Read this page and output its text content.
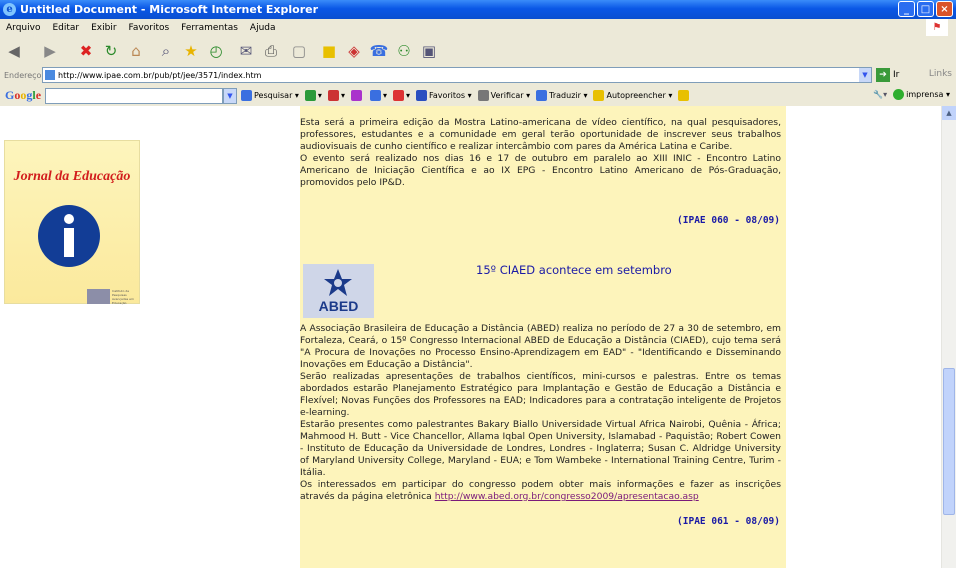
e Untitled Document - Microsoft Internet Explorer	_	□	×
Arquivo	Editar	Exibir	Favoritos	Ferramentas	Ajuda	⚑
◀	▶	✖ ↻ ⌂	⌕ ★ ◴	✉ ⎙ ▢ ■ ◈ ☎ ⚇ ▣
Endereço http://www.ipae.com.br/pub/pt/jee/3571/index.htm	▼	➔ Ir	Links
Google	▼	Pesquisar ▾	▾	▾	▾	▾ Favoritos ▾ Verificar ▾ Traduzir ▾ Autopreencher ▾	🔧▾	imprensa ▾
Jornal da Educação
Instituto de Pesquisas Avançadas em Educação

Esta será a primeira edição da Mostra Latino-americana de vídeo científico, na qual pesquisadores, professores, estudantes e a comunidade em geral terão oportunidade de inscrever seus trabalhos audiovisuais de cunho científico e realizar intercâmbio com pares da América Latina e Caribe.

O evento será realizado nos dias 16 e 17 de outubro em paralelo ao XIII INIC - Encontro Latino Americano de Iniciação Científica e ao IX EPG - Encontro Latino Americano de Pós-Graduação, promovidos pelo IP&D.

(IPAE 060 - 08/09)
ABED
15º CIAED acontece em setembro

A Associação Brasileira de Educação a Distância (ABED) realiza no período de 27 a 30 de setembro, em Fortaleza, Ceará, o 15º Congresso Internacional ABED de Educação a Distância (CIAED), cujo tema será "A Procura de Inovações no Processo Ensino-Aprendizagem em EAD" - "Identificando e Disseminando Inovações em Educação a Distância".

Serão realizadas apresentações de trabalhos científicos, mini-cursos e palestras. Entre os temas abordados estarão Planejamento Estratégico para Implantação e Gestão de Educação a Distância e Flexível; Novas Funções dos Professores na EAD; Indicadores para a contratação inteligente de Projetos e-learning.

Estarão presentes como palestrantes Bakary Biallo Universidade Virtual Africa Nairobi, Quênia - África; Mahmood H. Butt - Vice Chancellor, Allama Iqbal Open University, Islamabad - Paquistão; Robert Cowen - Instituto de Educação da Universidade de Londres, Londres - Inglaterra; Susan C. Aldridge University of Maryland University College, Maryland - EUA; e Tom Wambeke - International Training Centre, Turim - Itália.

Os interessados em participar do congresso podem obter mais informações e fazer as inscrições através da página eletrônica http://www.abed.org.br/congresso2009/apresentacao.asp

(IPAE 061 - 08/09)
▲
